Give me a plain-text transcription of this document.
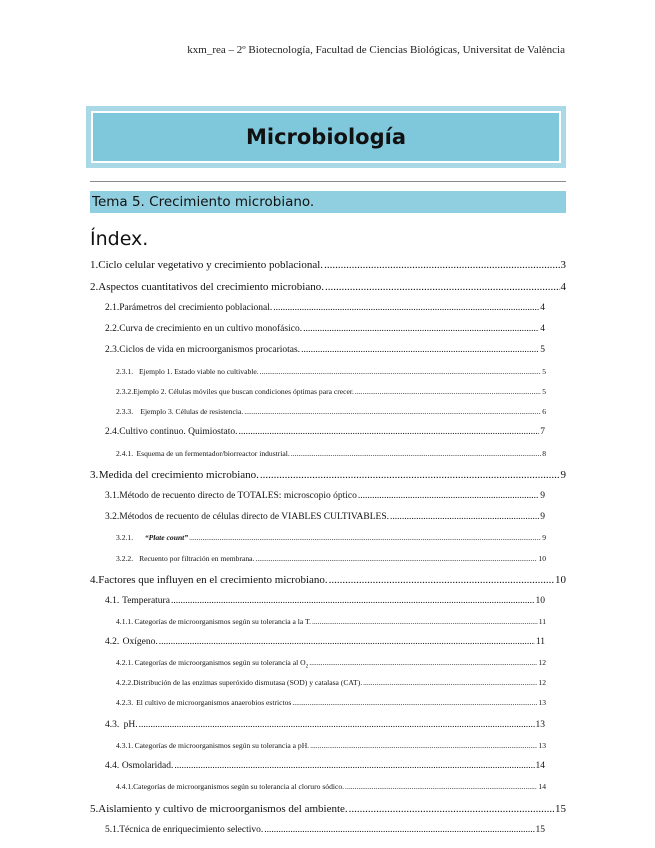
kxm_rea – 2º Biotecnología, Facultad de Ciencias Biológicas, Universitat de València
Microbiología
Tema 5. Crecimiento microbiano.
Índex.
1. Ciclo celular vegetativo y crecimiento poblacional. .....	3
2. Aspectos cuantitativos del crecimiento microbiano. .....	4
2.1. Parámetros del crecimiento poblacional. .....	4
2.2. Curva de crecimiento en un cultivo monofásico. .....	4
2.3. Ciclos de vida en microorganismos procariotas. .....	5
2.3.1. Ejemplo 1. Estado viable no cultivable. .....	5
2.3.2. Ejemplo 2. Células móviles que buscan condiciones óptimas para crecer. .....	5
2.3.3. Ejemplo 3. Células de resistencia. .....	6
2.4. Cultivo continuo. Quimiostato. .....	7
2.4.1. Esquema de un fermentador/biorreactor industrial. .....	8
3. Medida del crecimiento microbiano. .....	9
3.1. Método de recuento directo de TOTALES: microscopio óptico .....	9
3.2. Métodos de recuento de células directo de VIABLES CULTIVABLES. .....	9
3.2.1.	“Plate count” .....	9
3.2.2. Recuento por filtración en membrana. .....	10
4. Factores que influyen en el crecimiento microbiano. .....	10
4.1. Temperatura .....	10
4.1.1. Categorías de microorganismos según su tolerancia a la T. .....	11
4.2. Oxígeno. .....	11
4.2.1. Categorías de microorganismos según su tolerancia al $O_2$ .....	12
4.2.2. Distribución de las enzimas superóxido dismutasa (SOD) y catalasa (CAT). .....	12
4.2.3. El cultivo de microorganismos anaerobios estrictos .....	13
4.3. pH. .....	13
4.3.1. Categorías de microorganismos según su tolerancia a pH. .....	13
4.4. Osmolaridad. .....	14
4.4.1. Categorías de microorganismos según su tolerancia al cloruro sódico. .....	14
5. Aislamiento y cultivo de microorganismos del ambiente. .....	15
5.1. Técnica de enriquecimiento selectivo. .....	15
